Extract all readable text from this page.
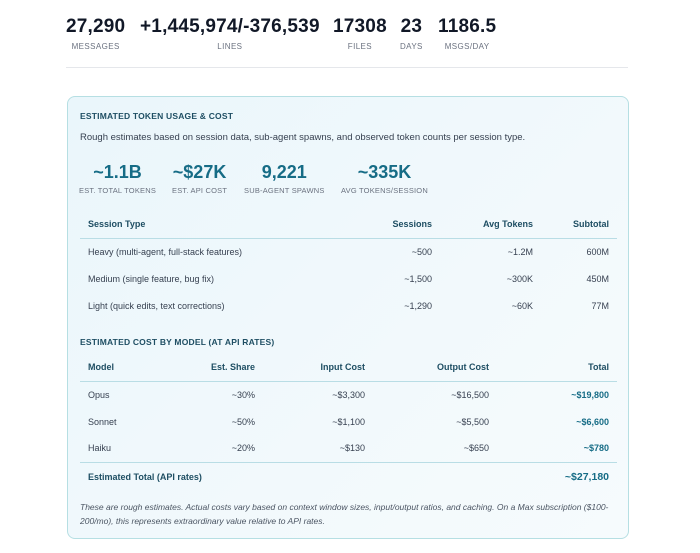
27,290
MESSAGES
+1,445,974/-376,539
LINES
17308
FILES
23
DAYS
1186.5
MSGS/DAY
ESTIMATED TOKEN USAGE & COST
Rough estimates based on session data, sub-agent spawns, and observed token counts per session type.
~1.1B
EST. TOTAL TOKENS
~$27K
EST. API COST
9,221
SUB-AGENT SPAWNS
~335K
AVG TOKENS/SESSION
Session Type	Sessions	Avg Tokens	Subtotal
Heavy (multi-agent, full-stack features)	~500	~1.2M	600M
Medium (single feature, bug fix)	~1,500	~300K	450M
Light (quick edits, text corrections)	~1,290	~60K	77M
ESTIMATED COST BY MODEL (AT API RATES)
Model	Est. Share	Input Cost	Output Cost	Total
Opus	~30%	~$3,300	~$16,500	~$19,800
Sonnet	~50%	~$1,100	~$5,500	~$6,600
Haiku	~20%	~$130	~$650	~$780
Estimated Total (API rates)				~$27,180
These are rough estimates. Actual costs vary based on context window sizes, input/output ratios, and caching. On a Max subscription ($100-200/mo), this represents extraordinary value relative to API rates.
